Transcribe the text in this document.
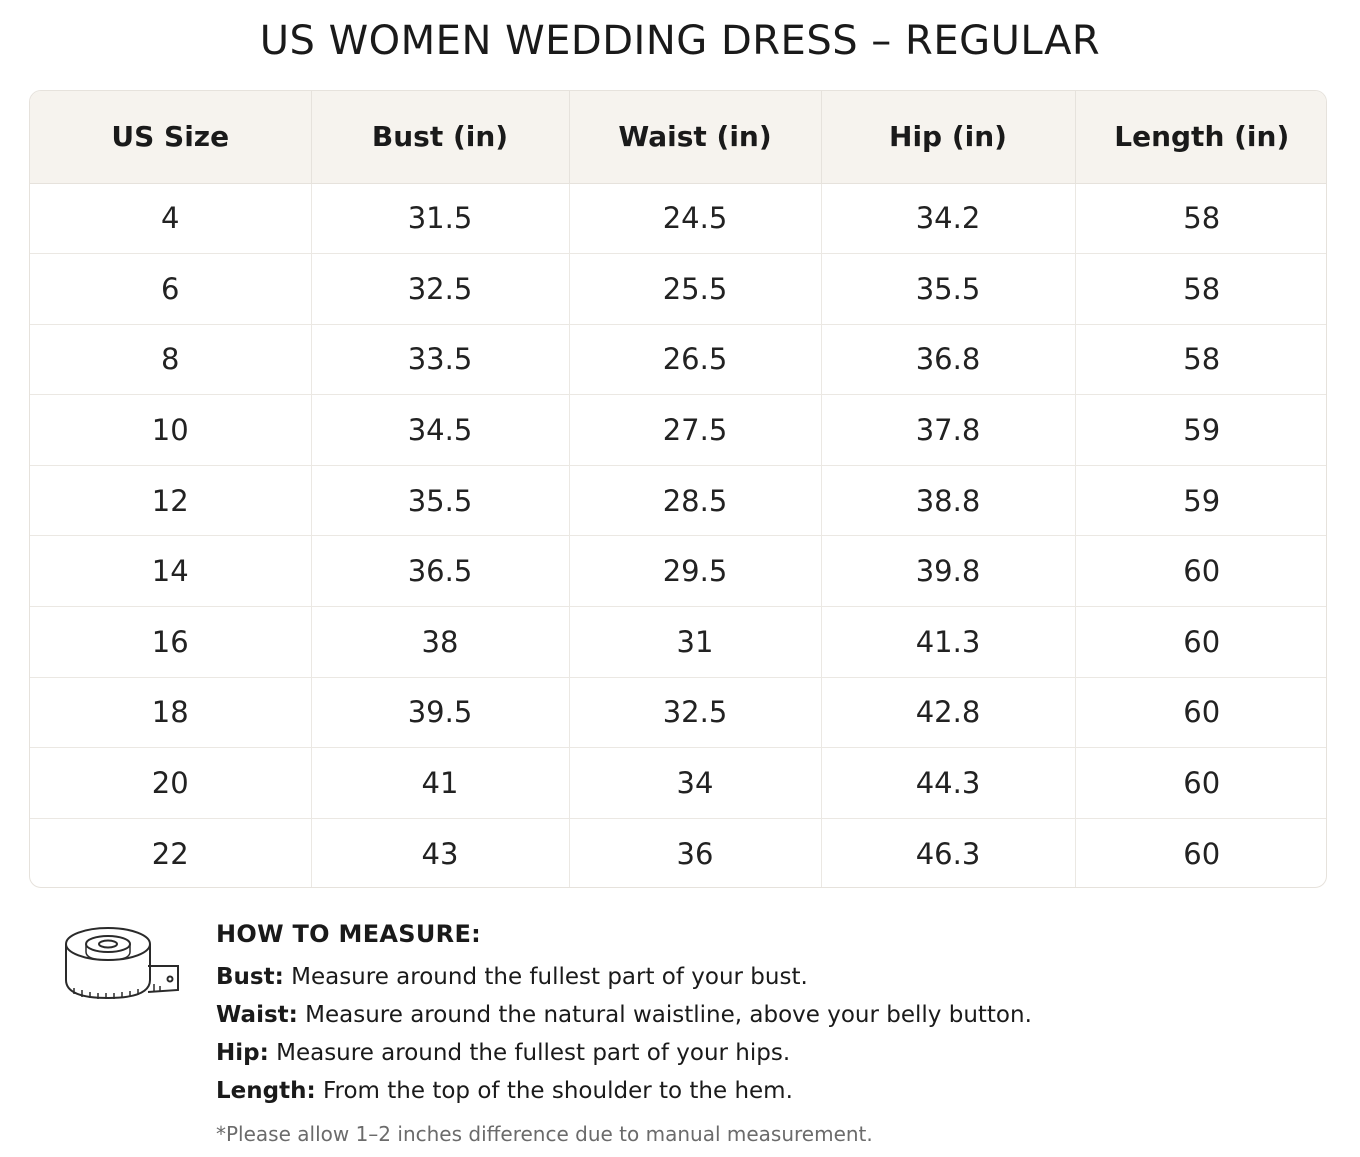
US WOMEN WEDDING DRESS – REGULAR
US Size	Bust (in)	Waist (in)	Hip (in)	Length (in)
4	31.5	24.5	34.2	58
6	32.5	25.5	35.5	58
8	33.5	26.5	36.8	58
10	34.5	27.5	37.8	59
12	35.5	28.5	38.8	59
14	36.5	29.5	39.8	60
16	38	31	41.3	60
18	39.5	32.5	42.8	60
20	41	34	44.3	60
22	43	36	46.3	60

HOW TO MEASURE:

Bust: Measure around the fullest part of your bust.

Waist: Measure around the natural waistline, above your belly button.

Hip: Measure around the fullest part of your hips.

Length: From the top of the shoulder to the hem.

*Please allow 1–2 inches difference due to manual measurement.
